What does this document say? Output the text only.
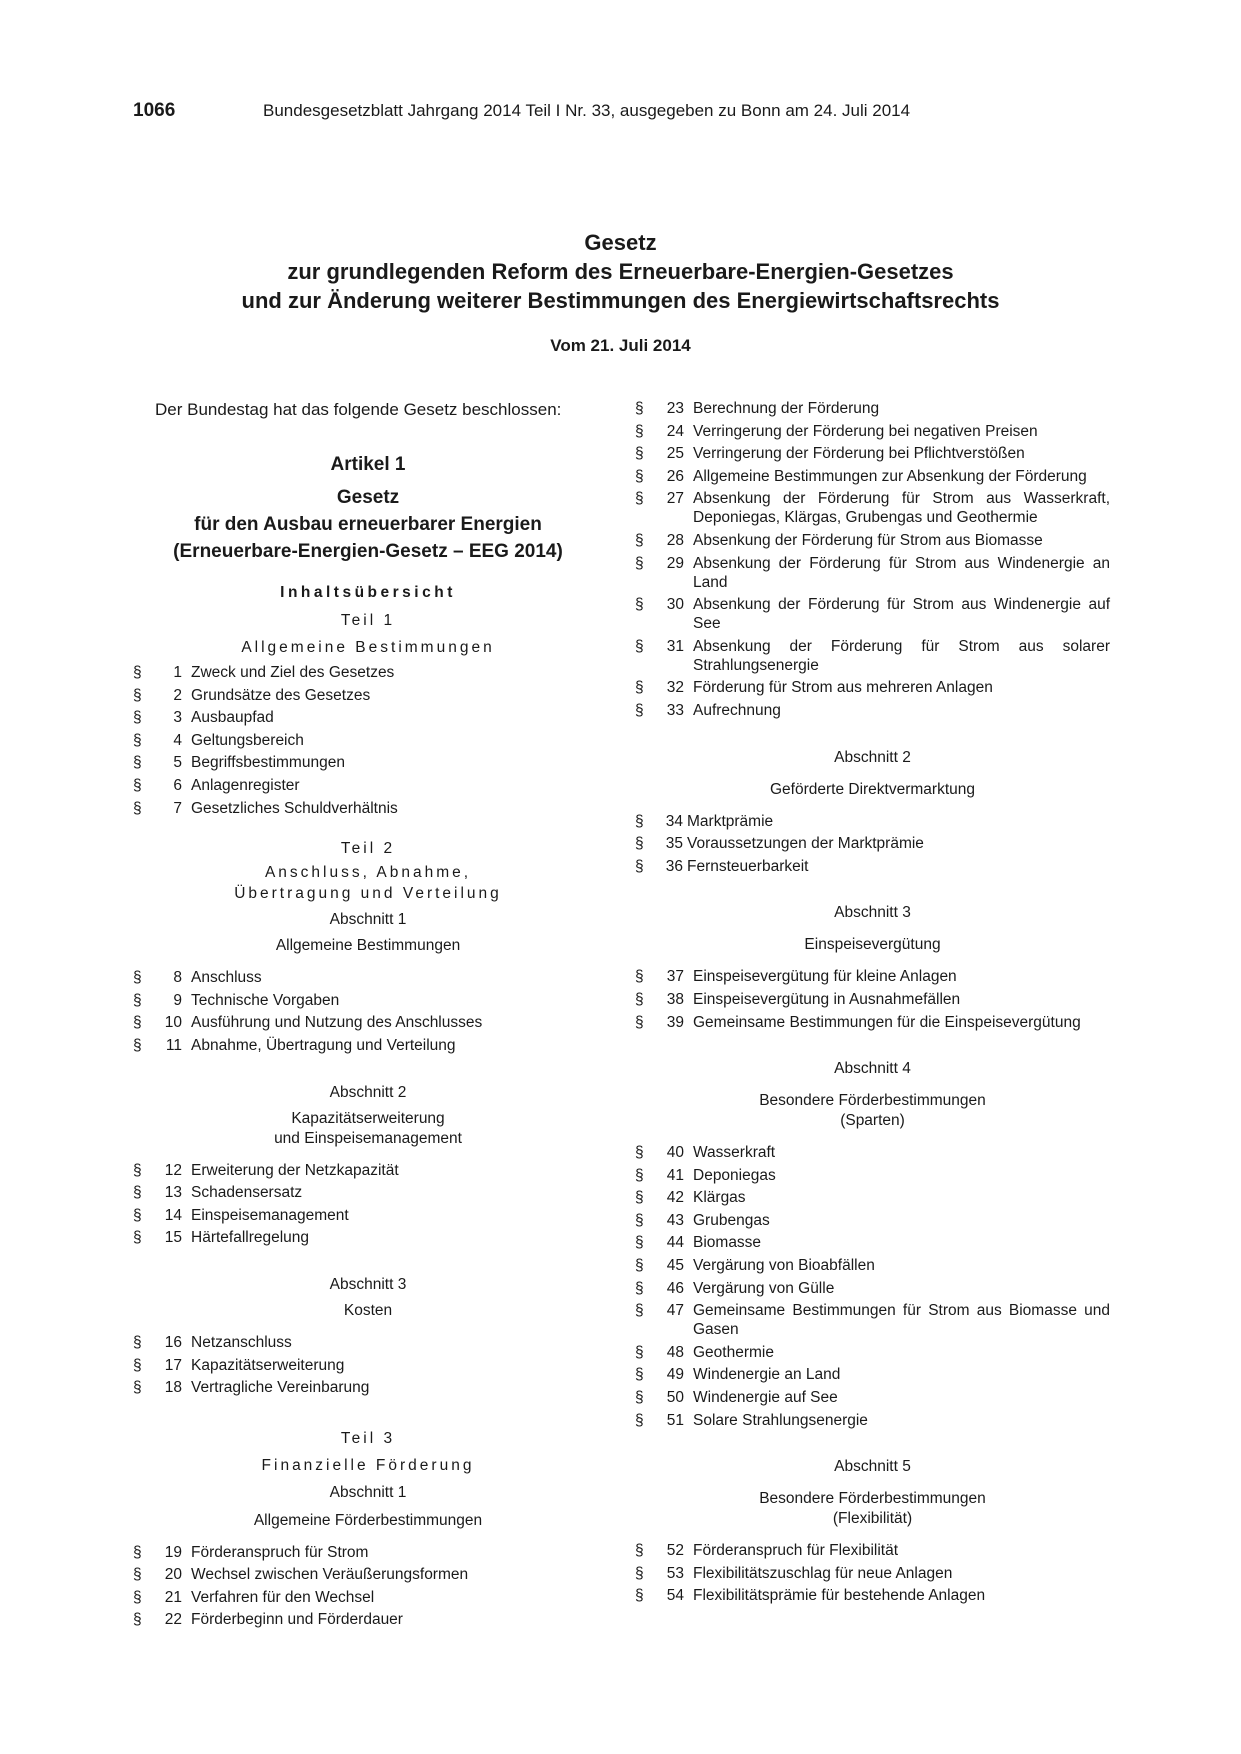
1066	Bundesgesetzblatt Jahrgang 2014 Teil I Nr. 33, ausgegeben zu Bonn am 24. Juli 2014
Gesetz
zur grundlegenden Reform des Erneuerbare-Energien-Gesetzes
und zur Änderung weiterer Bestimmungen des Energiewirtschaftsrechts
Vom 21. Juli 2014

Der Bundestag hat das folgende Gesetz beschlossen:

Artikel 1
Gesetz
für den Ausbau erneuerbarer Energien
(Erneuerbare-Energien-Gesetz – EEG 2014)
Inhaltsübersicht
Teil 1
Allgemeine Bestimmungen
§	1 Zweck und Ziel des Gesetzes
§	2 Grundsätze des Gesetzes
§	3 Ausbaupfad
§	4 Geltungsbereich
§	5 Begriffsbestimmungen
§	6 Anlagenregister
§	7 Gesetzliches Schuldverhältnis
Teil 2
Anschluss, Abnahme,
Übertragung und Verteilung
Abschnitt 1
Allgemeine Bestimmungen
§	8 Anschluss
§	9 Technische Vorgaben
§	10 Ausführung und Nutzung des Anschlusses
§	11 Abnahme, Übertragung und Verteilung
Abschnitt 2
Kapazitätserweiterung
und Einspeisemanagement
§	12 Erweiterung der Netzkapazität
§	13 Schadensersatz
§	14 Einspeisemanagement
§	15 Härtefallregelung
Abschnitt 3
Kosten
§	16 Netzanschluss
§	17 Kapazitätserweiterung
§	18 Vertragliche Vereinbarung
Teil 3
Finanzielle Förderung
Abschnitt 1
Allgemeine Förderbestimmungen
§	19 Förderanspruch für Strom
§	20 Wechsel zwischen Veräußerungsformen
§	21 Verfahren für den Wechsel
§	22 Förderbeginn und Förderdauer
§	23 Berechnung der Förderung
§	24 Verringerung der Förderung bei negativen Preisen
§	25 Verringerung der Förderung bei Pflichtverstößen
§	26 Allgemeine Bestimmungen zur Absenkung der Förderung
§	27 Absenkung der Förderung für Strom aus Wasserkraft, Deponiegas, Klärgas, Grubengas und Geothermie
§	28 Absenkung der Förderung für Strom aus Biomasse
§	29 Absenkung der Förderung für Strom aus Windenergie an Land
§	30 Absenkung der Förderung für Strom aus Windenergie auf See
§	31 Absenkung der Förderung für Strom aus solarer Strahlungsenergie
§	32 Förderung für Strom aus mehreren Anlagen
§	33 Aufrechnung
Abschnitt 2
Geförderte Direktvermarktung
§	34 Marktprämie
§	35 Voraussetzungen der Marktprämie
§	36 Fernsteuerbarkeit
Abschnitt 3
Einspeisevergütung
§	37 Einspeisevergütung für kleine Anlagen
§	38 Einspeisevergütung in Ausnahmefällen
§	39 Gemeinsame Bestimmungen für die Einspeisevergütung
Abschnitt 4
Besondere Förderbestimmungen
(Sparten)
§	40 Wasserkraft
§	41 Deponiegas
§	42 Klärgas
§	43 Grubengas
§	44 Biomasse
§	45 Vergärung von Bioabfällen
§	46 Vergärung von Gülle
§	47 Gemeinsame Bestimmungen für Strom aus Biomasse und Gasen
§	48 Geothermie
§	49 Windenergie an Land
§	50 Windenergie auf See
§	51 Solare Strahlungsenergie
Abschnitt 5
Besondere Förderbestimmungen
(Flexibilität)
§	52 Förderanspruch für Flexibilität
§	53 Flexibilitätszuschlag für neue Anlagen
§	54 Flexibilitätsprämie für bestehende Anlagen
